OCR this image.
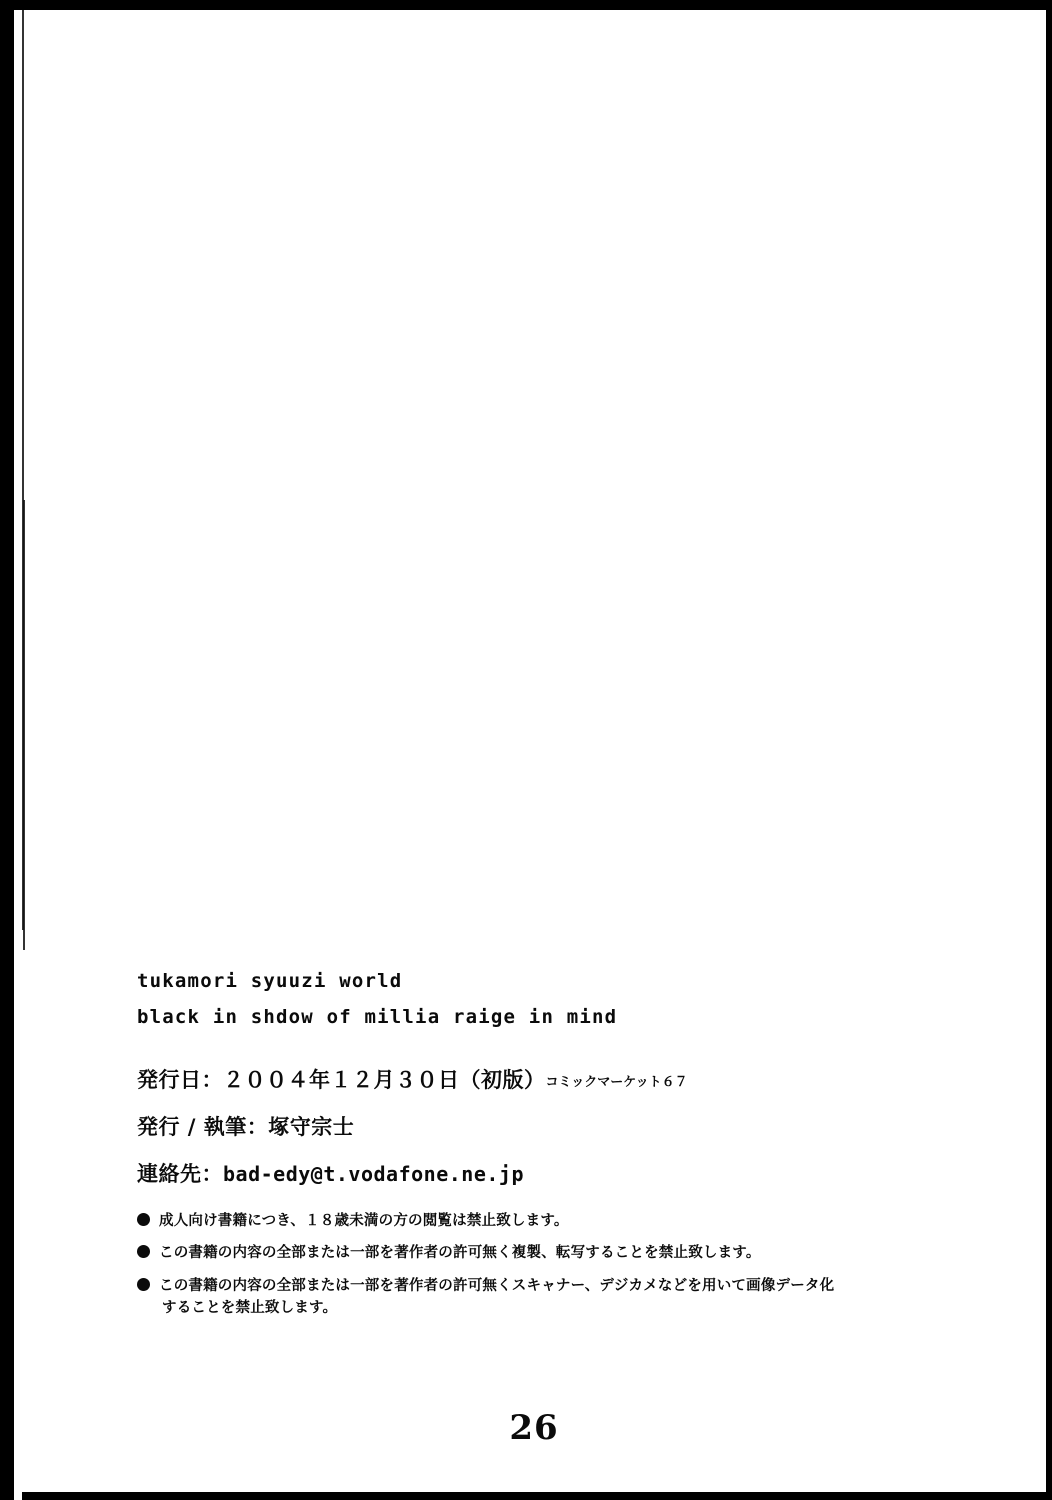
tukamori syuuzi world
black in shdow of millia raige in mind
発行日：２００４年１２月３０日（初版）コミックマーケット６７
発行 / 執筆：塚守宗士
連絡先：bad-edy@t.vodafone.ne.jp
成人向け書籍につき、１８歳未満の方の閲覧は禁止致します。
この書籍の内容の全部または一部を著作者の許可無く複製、転写することを禁止致します。
この書籍の内容の全部または一部を著作者の許可無くスキャナー、デジカメなどを用いて画像データ化
することを禁止致します。
26
